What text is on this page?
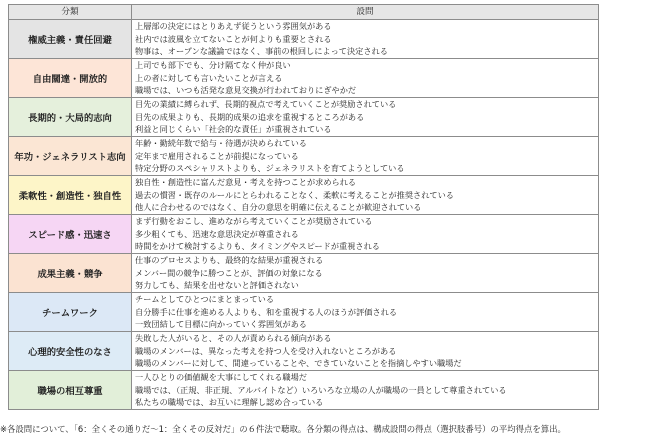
分類	設問
権威主義・責任回避	上層部の決定にはとりあえず従うという雰囲気がある
社内では波風を立てないことが何よりも重要とされる
物事は、オープンな議論ではなく、事前の根回しによって決定される

自由闊達・開放的	上司でも部下でも、分け隔てなく仲が良い
上の者に対しても言いたいことが言える
職場では、いつも活発な意見交換が行われておりにぎやかだ

長期的・大局的志向	目先の業績に縛られず、長期的視点で考えていくことが奨励されている
目先の成果よりも、長期的成果の追求を重視するところがある
利益と同じくらい「社会的な責任」が重視されている

年功・ジェネラリスト志向	年齢・勤続年数で給与・待遇が決められている
定年まで雇用されることが前提になっている
特定分野のスペシャリストよりも、ジェネラリストを育てようとしている

柔軟性・創造性・独自性	独自性・創造性に富んだ意見・考えを持つことが求められる
過去の慣習・既存のルールにとらわれることなく、柔軟に考えることが推奨されている
他人に合わせるのではなく、自分の意思を明確に伝えることが歓迎されている

スピード感・迅速さ	まず行動をおこし、進めながら考えていくことが奨励されている
多少粗くても、迅速な意思決定が尊重される
時間をかけて検討するよりも、タイミングやスピードが重視される

成果主義・競争	仕事のプロセスよりも、最終的な結果が重視される
メンバー間の競争に勝つことが、評価の対象になる
努力しても、結果を出せないと評価されない

チームワーク	チームとしてひとつにまとまっている
自分勝手に仕事を進める人よりも、和を重視する人のほうが評価される
一致団結して目標に向かっていく雰囲気がある

心理的安全性のなさ	失敗した人がいると、その人が責められる傾向がある
職場のメンバーは、異なった考えを持つ人を受け入れないところがある
職場のメンバーに対して、間違っていることや、できていないことを指摘しやすい職場だ

職場の相互尊重	一人ひとりの価値観を大事にしてくれる職場だ
職場では、（正規、非正規、アルバイトなど）いろいろな立場の人が職場の一員として尊重されている
私たちの職場では、お互いに理解し認め合っている
※各設問について、「6：全くその通りだ〜1：全くその反対だ」の６件法で聴取。各分類の得点は、構成設問の得点（選択肢番号）の平均得点を算出。
